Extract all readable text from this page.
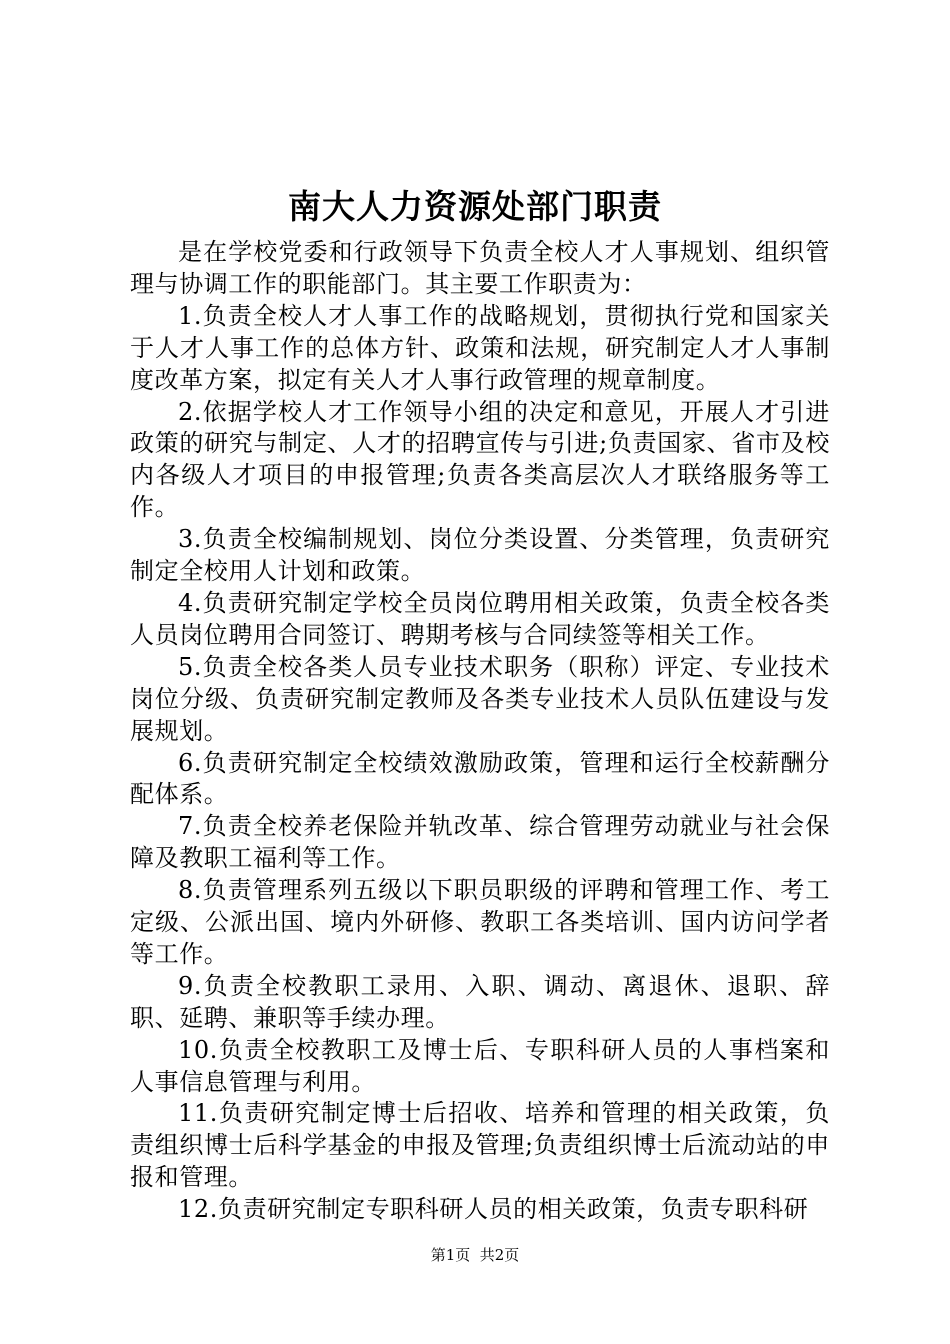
南大人力资源处部门职责

是在学校党委和行政领导下负责全校人才人事规划、组织管理与协调工作的职能部门。其主要工作职责为：

1.负责全校人才人事工作的战略规划，贯彻执行党和国家关于人才人事工作的总体方针、政策和法规，研究制定人才人事制度改革方案，拟定有关人才人事行政管理的规章制度。

2.依据学校人才工作领导小组的决定和意见，开展人才引进政策的研究与制定、人才的招聘宣传与引进;负责国家、省市及校内各级人才项目的申报管理;负责各类高层次人才联络服务等工作。

3.负责全校编制规划、岗位分类设置、分类管理，负责研究制定全校用人计划和政策。

4.负责研究制定学校全员岗位聘用相关政策，负责全校各类人员岗位聘用合同签订、聘期考核与合同续签等相关工作。

5.负责全校各类人员专业技术职务（职称）评定、专业技术岗位分级、负责研究制定教师及各类专业技术人员队伍建设与发展规划。

6.负责研究制定全校绩效激励政策，管理和运行全校薪酬分配体系。

7.负责全校养老保险并轨改革、综合管理劳动就业与社会保障及教职工福利等工作。

8.负责管理系列五级以下职员职级的评聘和管理工作、考工定级、公派出国、境内外研修、教职工各类培训、国内访问学者等工作。

9.负责全校教职工录用、入职、调动、离退休、退职、辞职、延聘、兼职等手续办理。

10.负责全校教职工及博士后、专职科研人员的人事档案和人事信息管理与利用。

11.负责研究制定博士后招收、培养和管理的相关政策，负责组织博士后科学基金的申报及管理;负责组织博士后流动站的申报和管理。

12.负责研究制定专职科研人员的相关政策，负责专职科研

第1页  共2页
